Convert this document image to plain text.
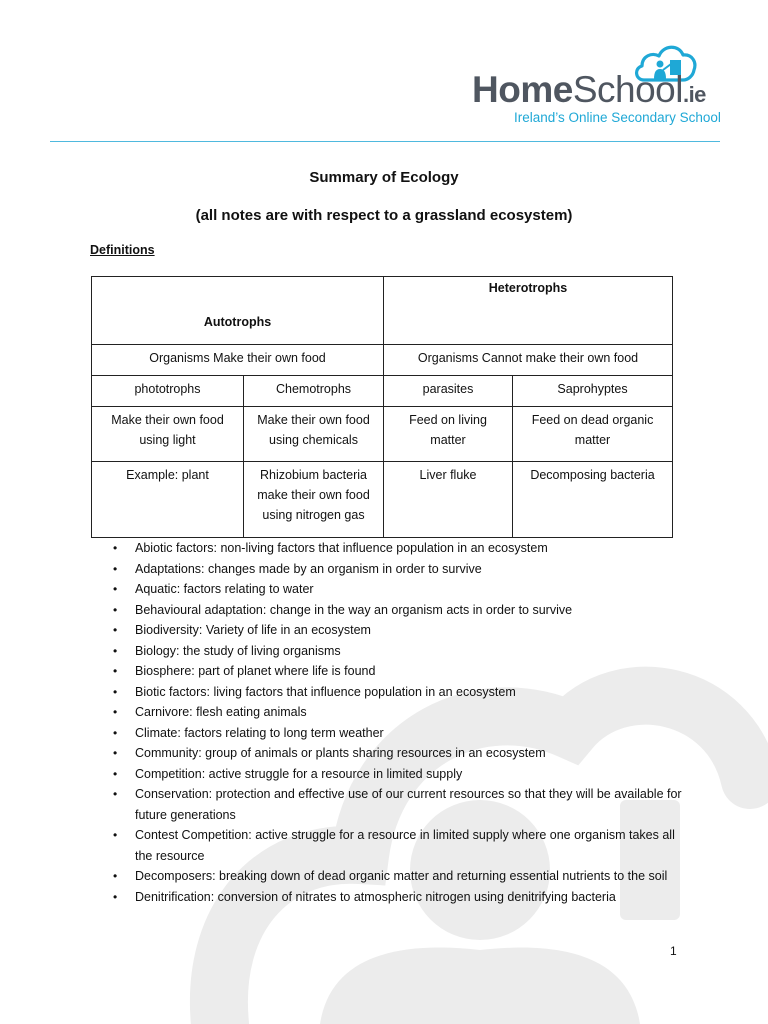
HomeSchool.ie
Ireland’s Online Secondary School
Summary of Ecology
(all notes are with respect to a grassland ecosystem)
Definitions
Autotrophs		Heterotrophs	
Organisms Make their own food		Organisms Cannot make their own food	
phototrophs	Chemotrophs	parasites	Saprohyptes
Make their own food using light	Make their own food using chemicals	Feed on living matter	Feed on dead organic matter
Example: plant	Rhizobium bacteria make their own food using nitrogen gas	Liver fluke	Decomposing bacteria
• Abiotic factors: non-living factors that influence population in an ecosystem
• Adaptations: changes made by an organism in order to survive
• Aquatic: factors relating to water
• Behavioural adaptation: change in the way an organism acts in order to survive
• Biodiversity: Variety of life in an ecosystem
• Biology: the study of living organisms
• Biosphere: part of planet where life is found
• Biotic factors: living factors that influence population in an ecosystem
• Carnivore: flesh eating animals
• Climate: factors relating to long term weather
• Community: group of animals or plants sharing resources in an ecosystem
• Competition: active struggle for a resource in limited supply
• Conservation: protection and effective use of our current resources so that they will be available for future generations
• Contest Competition: active struggle for a resource in limited supply where one organism takes all the resource
• Decomposers: breaking down of dead organic matter and returning essential nutrients to the soil
• Denitrification: conversion of nitrates to atmospheric nitrogen using denitrifying bacteria
1
